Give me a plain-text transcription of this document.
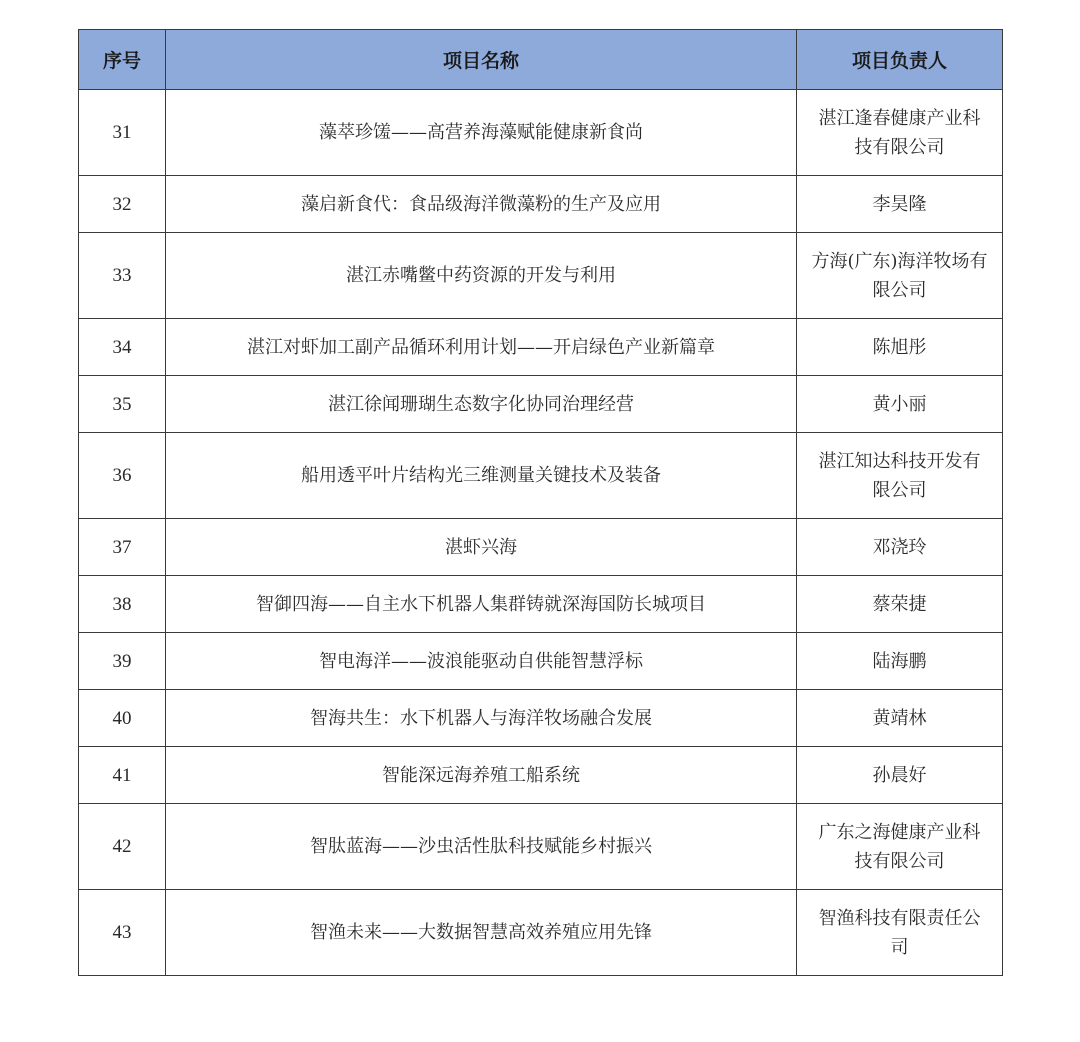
序号	项目名称	项目负责人
31	藻萃珍馐——高营养海藻赋能健康新食尚	湛江逢春健康产业科技有限公司
32	藻启新食代：食品级海洋微藻粉的生产及应用	李昊隆
33	湛江赤嘴鳖中药资源的开发与利用	方海(广东)海洋牧场有限公司
34	湛江对虾加工副产品循环利用计划——开启绿色产业新篇章	陈旭彤
35	湛江徐闻珊瑚生态数字化协同治理经营	黄小丽
36	船用透平叶片结构光三维测量关键技术及装备	湛江知达科技开发有限公司
37	湛虾兴海	邓浇玲
38	智御四海——自主水下机器人集群铸就深海国防长城项目	蔡荣捷
39	智电海洋——波浪能驱动自供能智慧浮标	陆海鹏
40	智海共生：水下机器人与海洋牧场融合发展	黄靖林
41	智能深远海养殖工船系统	孙晨好
42	智肽蓝海——沙虫活性肽科技赋能乡村振兴	广东之海健康产业科技有限公司
43	智渔未来——大数据智慧高效养殖应用先锋	智渔科技有限责任公司
